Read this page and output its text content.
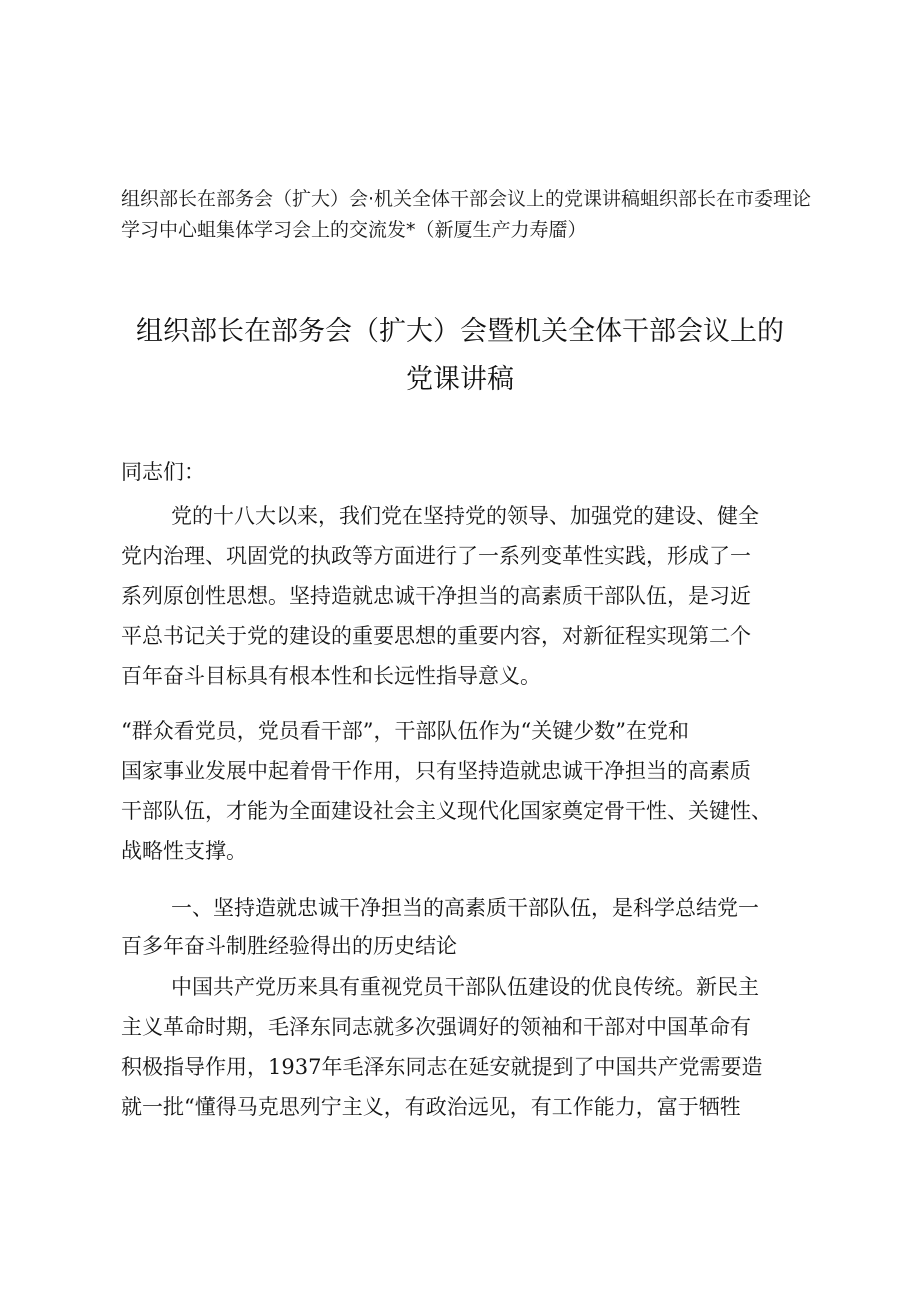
组织部长在部务会（扩大）会·机关全体干部会议上的党课讲稿蛆织部长在市委理论
学习中心蛆集体学习会上的交流发*（新厦生产力寿靥）
组织部长在部务会（扩大）会暨机关全体干部会议上的
党课讲稿
同志们：
党的十八大以来，我们党在坚持党的领导、加强党的建设、健全
党内治理、巩固党的执政等方面进行了一系列变革性实践，形成了一
系列原创性思想。坚持造就忠诚干净担当的高素质干部队伍，是习近
平总书记关于党的建设的重要思想的重要内容，对新征程实现第二个
百年奋斗目标具有根本性和长远性指导意义。
“群众看党员，党员看干部”，干部队伍作为“关键少数”在党和
国家事业发展中起着骨干作用，只有坚持造就忠诚干净担当的高素质
干部队伍，才能为全面建设社会主义现代化国家奠定骨干性、关键性、
战略性支撑。
一、坚持造就忠诚干净担当的高素质干部队伍，是科学总结党一
百多年奋斗制胜经验得出的历史结论
中国共产党历来具有重视党员干部队伍建设的优良传统。新民主
主义革命时期，毛泽东同志就多次强调好的领袖和干部对中国革命有
积极指导作用，1937年毛泽东同志在延安就提到了中国共产党需要造
就一批“懂得马克思列宁主义，有政治远见，有工作能力，富于牺牲
